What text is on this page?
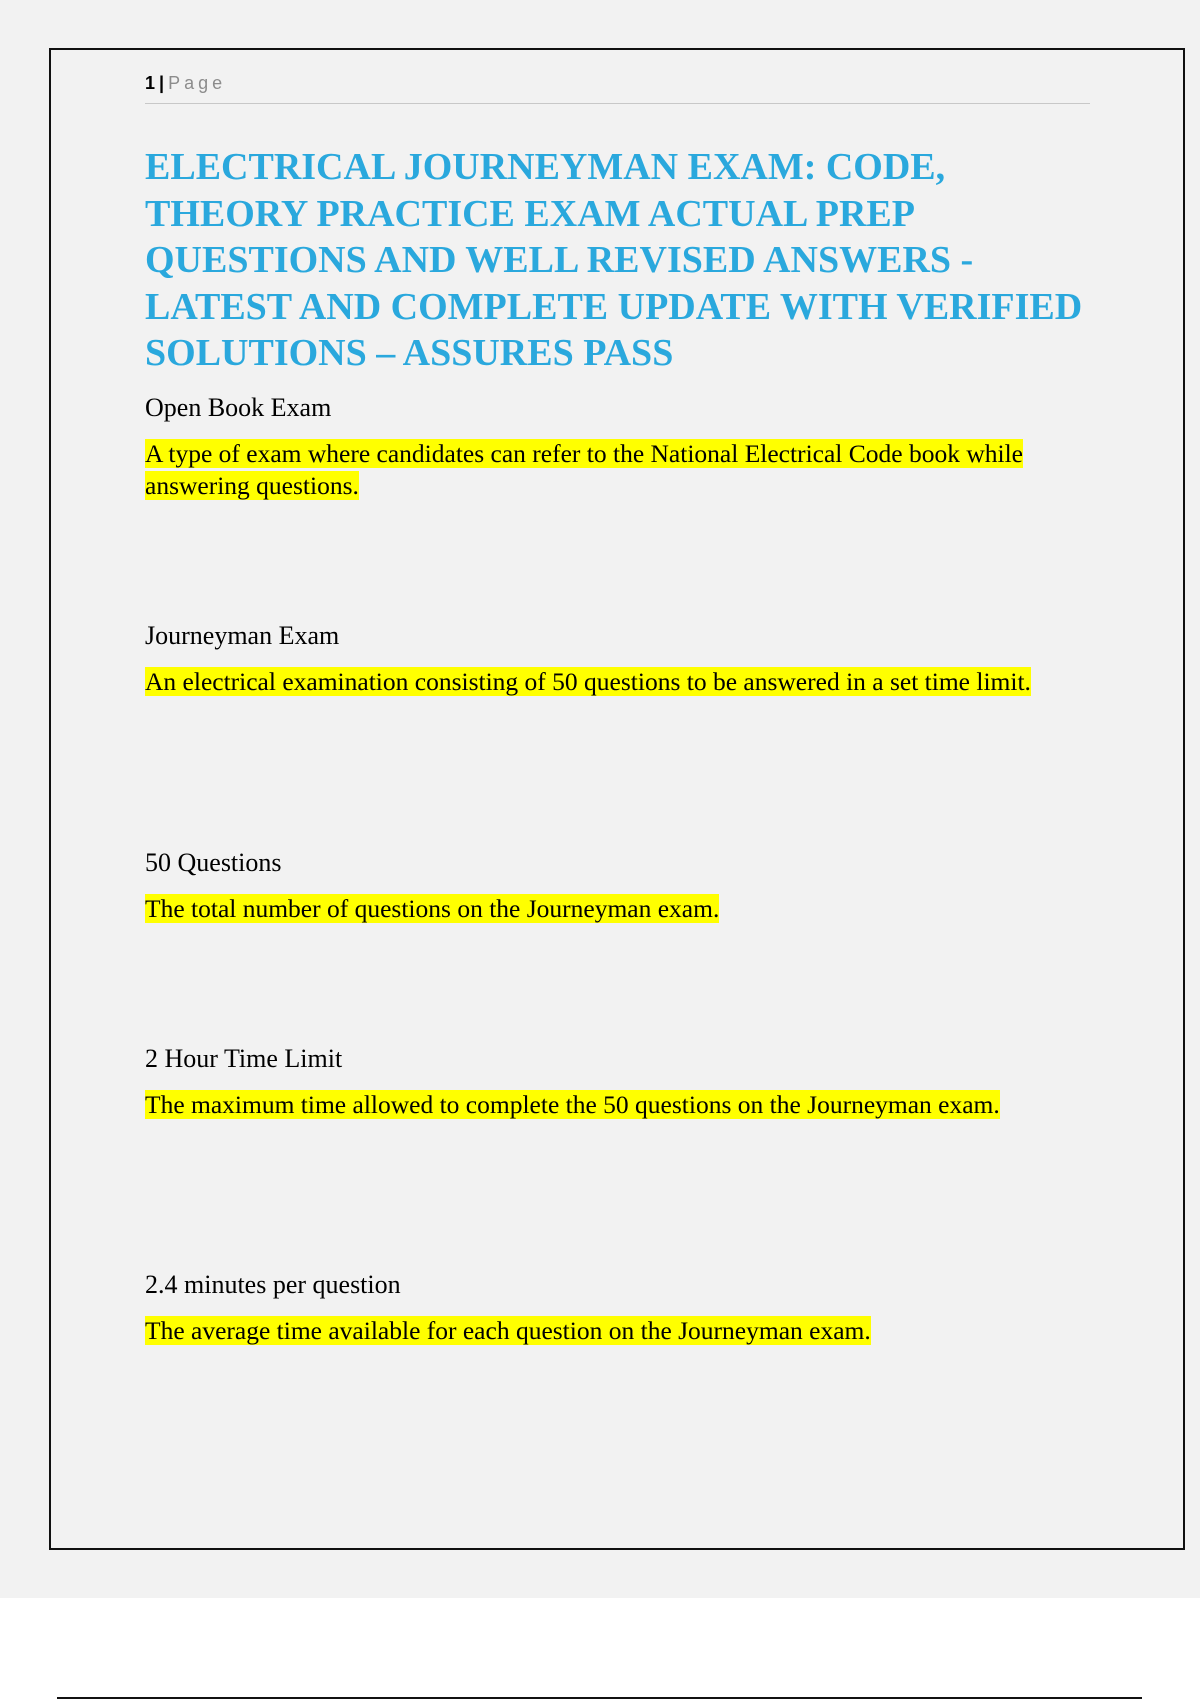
1 | Page
ELECTRICAL JOURNEYMAN EXAM: CODE, THEORY PRACTICE EXAM ACTUAL PREP QUESTIONS AND WELL REVISED ANSWERS - LATEST AND COMPLETE UPDATE WITH VERIFIED SOLUTIONS – ASSURES PASS
Open Book Exam
A type of exam where candidates can refer to the National Electrical Code book while answering questions.
Journeyman Exam
An electrical examination consisting of 50 questions to be answered in a set time limit.
50 Questions
The total number of questions on the Journeyman exam.
2 Hour Time Limit
The maximum time allowed to complete the 50 questions on the Journeyman exam.
2.4 minutes per question
The average time available for each question on the Journeyman exam.
